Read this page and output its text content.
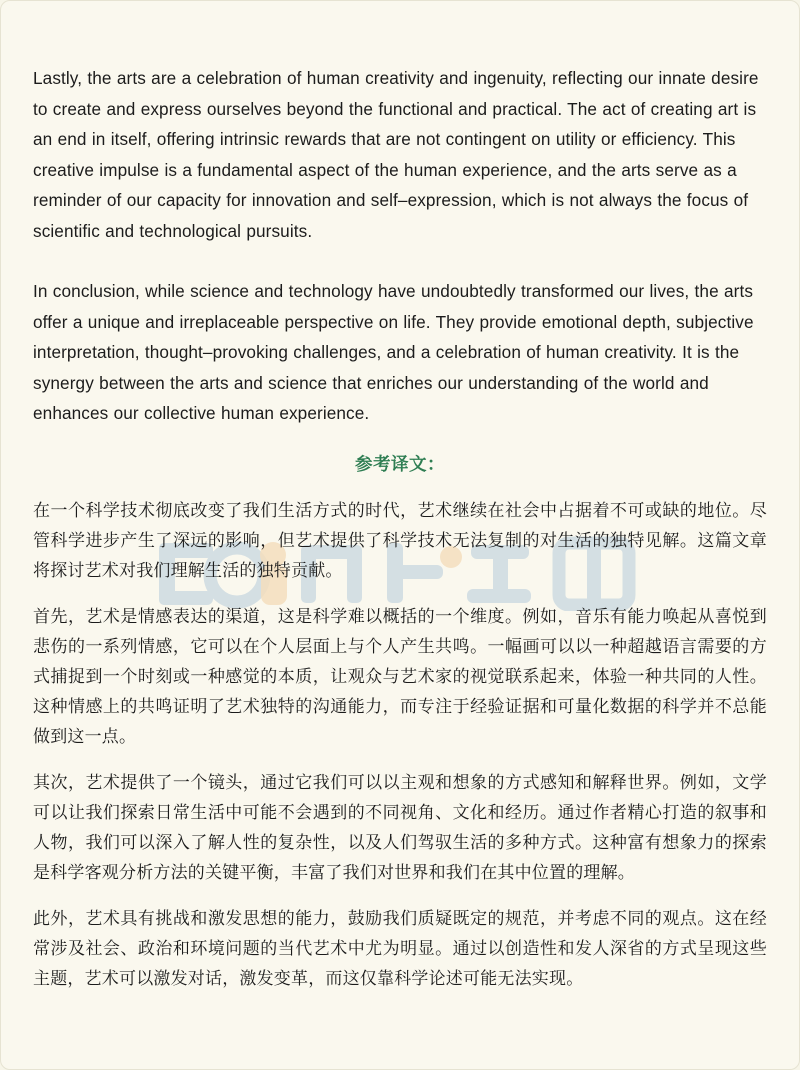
Lastly, the arts are a celebration of human creativity and ingenuity, reflecting our innate desire to create and express ourselves beyond the functional and practical. The act of creating art is an end in itself, offering intrinsic rewards that are not contingent on utility or efficiency. This creative impulse is a fundamental aspect of the human experience, and the arts serve as a reminder of our capacity for innovation and self–expression, which is not always the focus of scientific and technological pursuits.

In conclusion, while science and technology have undoubtedly transformed our lives, the arts offer a unique and irreplaceable perspective on life. They provide emotional depth, subjective interpretation, thought–provoking challenges, and a celebration of human creativity. It is the synergy between the arts and science that enriches our understanding of the world and enhances our collective human experience.

参考译文：

在一个科学技术彻底改变了我们生活方式的时代，艺术继续在社会中占据着不可或缺的地位。尽管科学进步产生了深远的影响，但艺术提供了科学技术无法复制的对生活的独特见解。这篇文章将探讨艺术对我们理解生活的独特贡献。

首先，艺术是情感表达的渠道，这是科学难以概括的一个维度。例如，音乐有能力唤起从喜悦到悲伤的一系列情感，它可以在个人层面上与个人产生共鸣。一幅画可以以一种超越语言需要的方式捕捉到一个时刻或一种感觉的本质，让观众与艺术家的视觉联系起来，体验一种共同的人性。这种情感上的共鸣证明了艺术独特的沟通能力，而专注于经验证据和可量化数据的科学并不总能做到这一点。

其次，艺术提供了一个镜头，通过它我们可以以主观和想象的方式感知和解释世界。例如，文学可以让我们探索日常生活中可能不会遇到的不同视角、文化和经历。通过作者精心打造的叙事和人物，我们可以深入了解人性的复杂性，以及人们驾驭生活的多种方式。这种富有想象力的探索是科学客观分析方法的关键平衡，丰富了我们对世界和我们在其中位置的理解。

此外，艺术具有挑战和激发思想的能力，鼓励我们质疑既定的规范，并考虑不同的观点。这在经常涉及社会、政治和环境问题的当代艺术中尤为明显。通过以创造性和发人深省的方式呈现这些主题，艺术可以激发对话，激发变革，而这仅靠科学论述可能无法实现。
